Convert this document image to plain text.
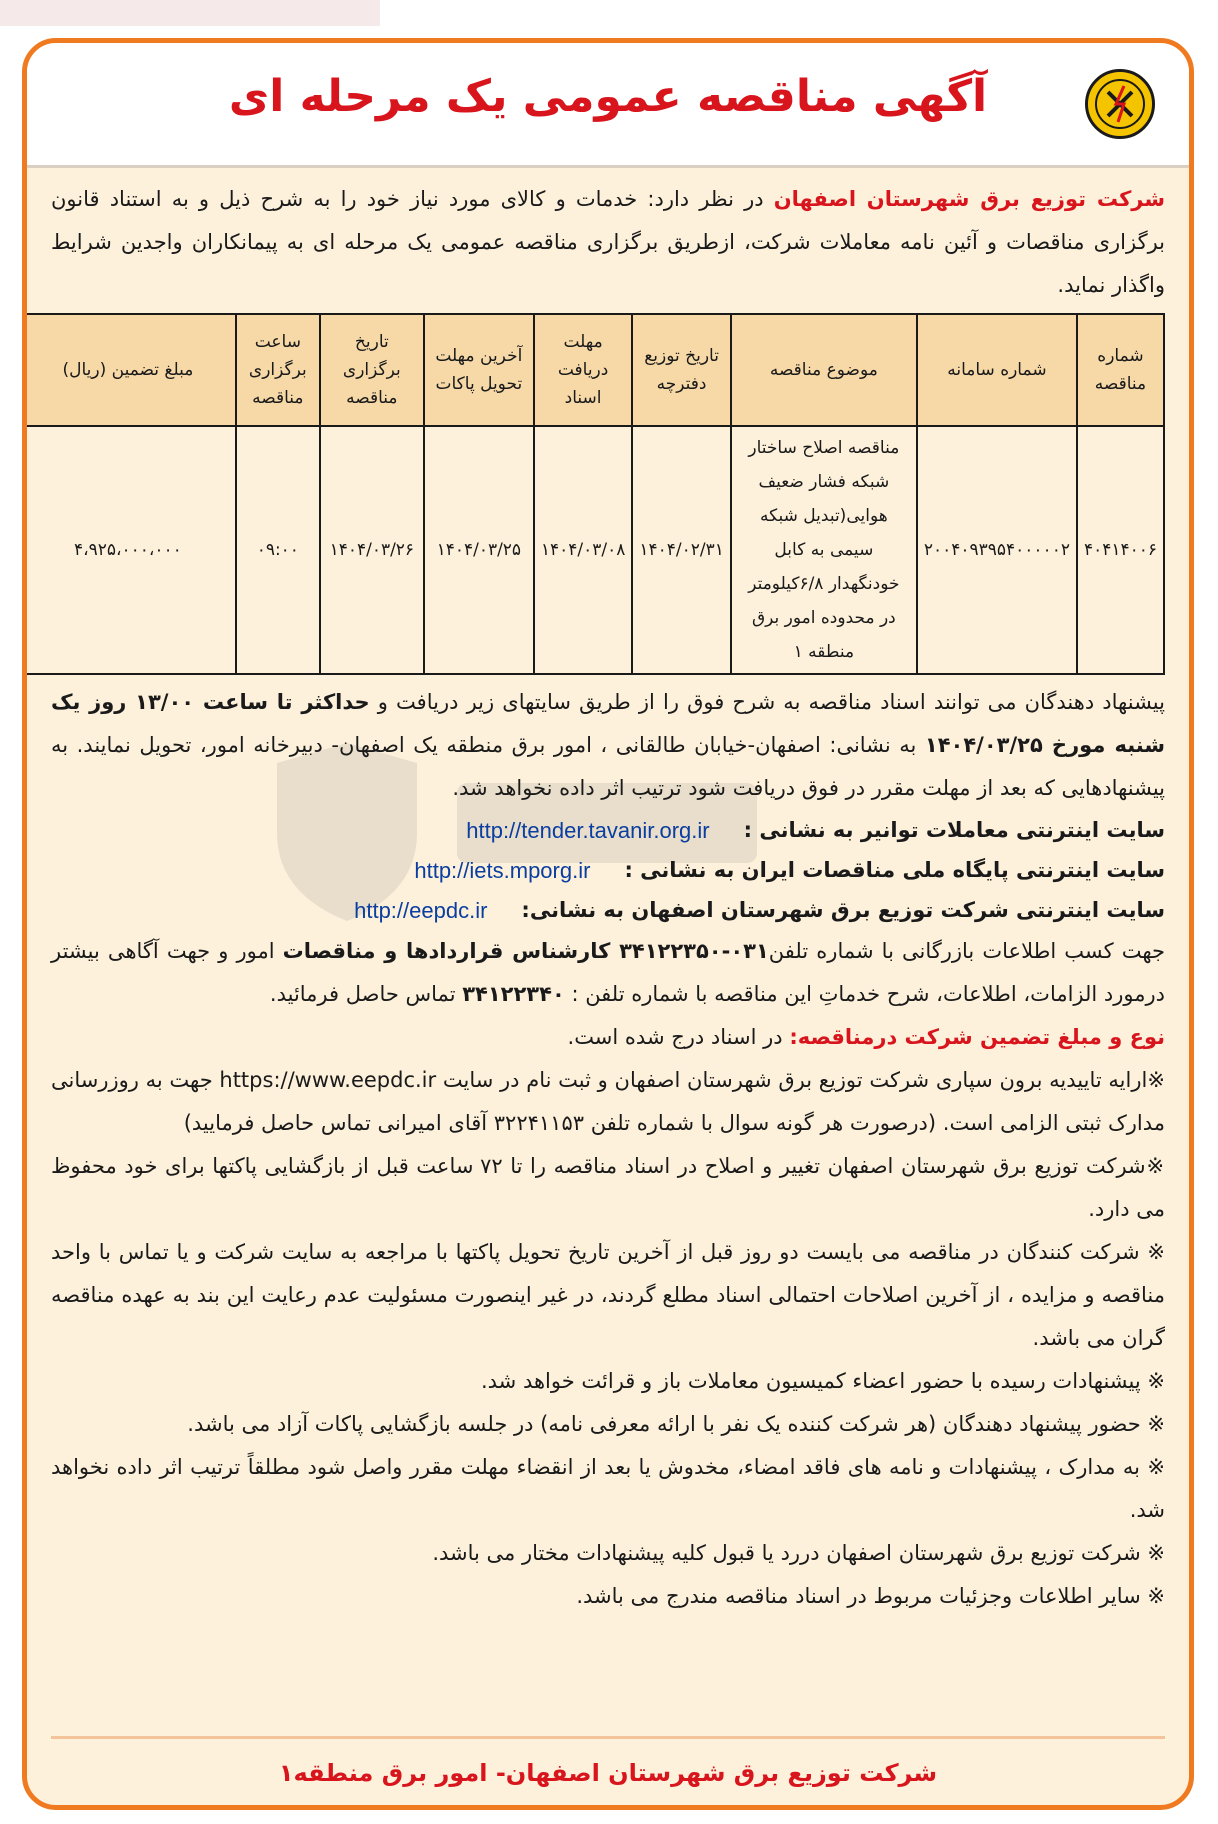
آگهی مناقصه عمومی یک مرحله ای

شرکت توزیع برق شهرستان اصفهان در نظر دارد: خدمات و کالای مورد نیاز خود را به شرح ذیل و به استناد قانون برگزاری مناقصات و آئین نامه معاملات شرکت، ازطریق برگزاری مناقصه عمومی یک مرحله ای به پیمانکاران واجدین شرایط واگذار نماید.

شماره مناقصه	شماره سامانه	موضوع مناقصه	تاریخ توزیع دفترچه	مهلت دریافت اسناد	آخرین مهلت تحویل پاکات	تاریخ برگزاری مناقصه	ساعت برگزاری مناقصه	مبلغ تضمین (ریال)
۴۰۴۱۴۰۰۶	۲۰۰۴۰۹۳۹۵۴۰۰۰۰۰۲	مناقصه اصلاح ساختار شبکه فشار ضعیف هوایی(تبدیل شبکه سیمی به کابل خودنگهدار ۶/۸کیلومتر در محدوده امور برق منطقه ۱	۱۴۰۴/۰۲/۳۱	۱۴۰۴/۰۳/۰۸	۱۴۰۴/۰۳/۲۵	۱۴۰۴/۰۳/۲۶	۰۹:۰۰	۴،۹۲۵،۰۰۰،۰۰۰

پیشنهاد دهندگان می توانند اسناد مناقصه به شرح فوق را از طریق سایتهای زیر دریافت و حداکثر تا ساعت ۱۳/۰۰ روز یک شنبه مورخ ۱۴۰۴/۰۳/۲۵ به نشانی: اصفهان-خیابان طالقانی ، امور برق منطقه یک اصفهان- دبیرخانه امور، تحویل نمایند. به پیشنهادهایی که بعد از مهلت مقرر در فوق دریافت شود ترتیب اثر داده نخواهد شد.

سایت اینترنتی معاملات توانیر به نشانی :
http://tender.tavanir.org.ir
سایت اینترنتی پایگاه ملی مناقصات ایران به نشانی :
http://iets.mporg.ir
سایت اینترنتی شرکت توزیع برق شهرستان اصفهان به نشانی:
http://eepdc.ir

جهت کسب اطلاعات بازرگانی با شماره تلفن۰۳۱-۳۴۱۲۲۳۵۰ کارشناس قراردادها و مناقصات امور و جهت آگاهی بیشتر درمورد الزامات، اطلاعات، شرح خدماتِ این مناقصه با شماره تلفن : ۳۴۱۲۲۳۴۰ تماس حاصل فرمائید.

نوع و مبلغ تضمین شرکت درمناقصه: در اسناد درج شده است.

※ارایه تاییدیه برون سپاری شرکت توزیع برق شهرستان اصفهان و ثبت نام در سایت https://www.eepdc.ir جهت به روزرسانی مدارک ثبتی الزامی است. (درصورت هر گونه سوال با شماره تلفن ۳۲۲۴۱۱۵۳ آقای امیرانی تماس حاصل فرمایید)

※شرکت توزیع برق شهرستان اصفهان تغییر و اصلاح در اسناد مناقصه را تا ۷۲ ساعت قبل از بازگشایی پاکتها برای خود محفوظ می دارد.

※ شرکت کنندگان در مناقصه می بایست دو روز قبل از آخرین تاریخ تحویل پاکتها با مراجعه به سایت شرکت و یا تماس با واحد مناقصه و مزایده ، از آخرین اصلاحات احتمالی اسناد مطلع گردند، در غیر اینصورت مسئولیت عدم رعایت این بند به عهده مناقصه گران می باشد.

※ پیشنهادات رسیده با حضور اعضاء کمیسیون معاملات باز و قرائت خواهد شد.

※ حضور پیشنهاد دهندگان (هر شرکت کننده یک نفر با ارائه معرفی نامه) در جلسه بازگشایی پاکات آزاد می باشد.

※ به مدارک ، پیشنهادات و نامه های فاقد امضاء، مخدوش یا بعد از انقضاء مهلت مقرر واصل شود مطلقاً ترتیب اثر داده نخواهد شد.

※ شرکت توزیع برق شهرستان اصفهان دررد یا قبول کلیه پیشنهادات مختار می باشد.

※ سایر اطلاعات وجزئیات مربوط در اسناد مناقصه مندرج می باشد.

شرکت توزیع برق شهرستان اصفهان- امور برق منطقه۱
